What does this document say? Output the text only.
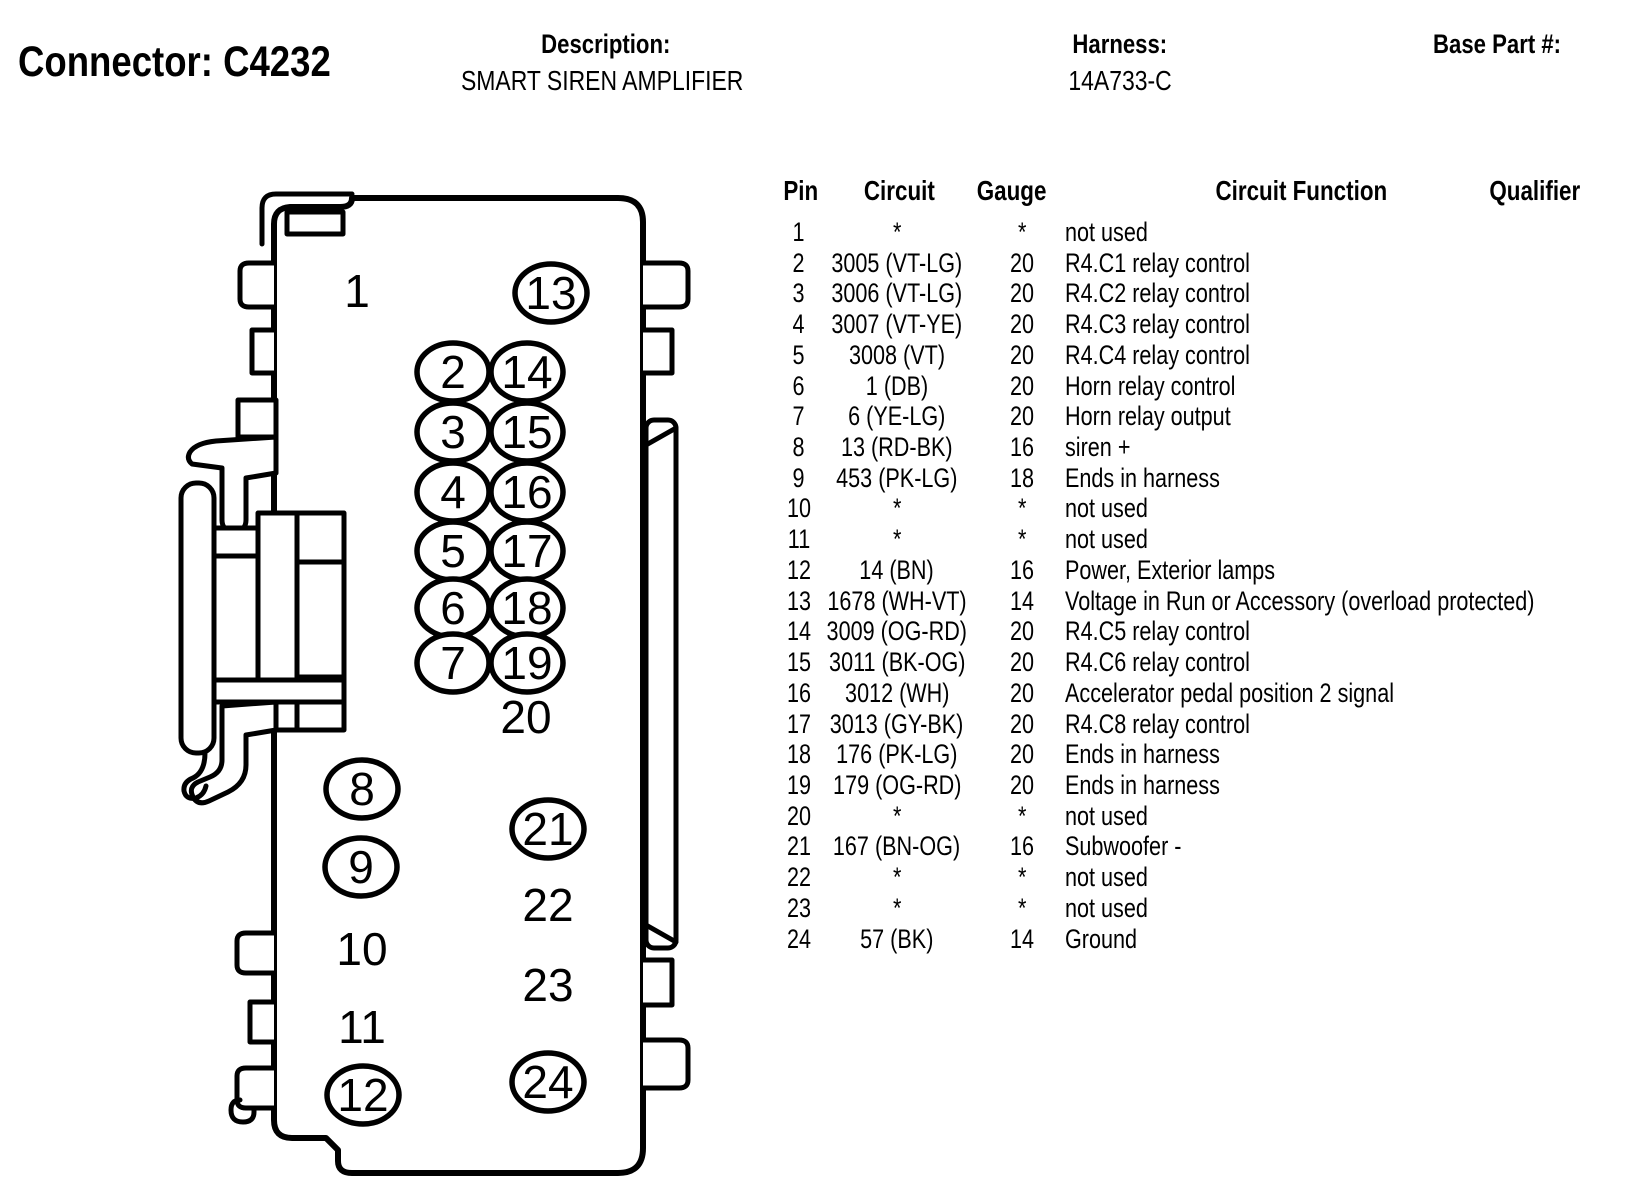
Connector: C4232	Description:
SMART SIREN AMPLIFIER
Harness:
14A733-C
Base Part #:
1	13
2 14
3 15
4 16
5 17
6 18
7 19
20
8
9
10
11
12
21
22
23
24
Pin	Circuit	Gauge	Circuit Function	Qualifier
1	*	*	not used
2 3005 (VT-LG)	20	R4.C1 relay control
3 3006 (VT-LG)	20	R4.C2 relay control
4 3007 (VT-YE)	20	R4.C3 relay control
5	3008 (VT)	20	R4.C4 relay control
6	1 (DB)	20	Horn relay control
7	6 (YE-LG)	20	Horn relay output
8	13 (RD-BK)	16	siren +
9	453 (PK-LG)	18	Ends in harness
10	*	*	not used
11	*	*	not used
12	14 (BN)	16	Power, Exterior lamps
13 1678 (WH-VT)	14	Voltage in Run or Accessory (overload protected)
14 3009 (OG-RD)	20	R4.C5 relay control
15 3011 (BK-OG)	20	R4.C6 relay control
16	3012 (WH)	20	Accelerator pedal position 2 signal
17 3013 (GY-BK)	20	R4.C8 relay control
18 176 (PK-LG)	20	Ends in harness
19 179 (OG-RD)	20	Ends in harness
20	*	*	not used
21 167 (BN-OG)	16	Subwoofer -
22	*	*	not used
23	*	*	not used
24	57 (BK)	14	Ground
